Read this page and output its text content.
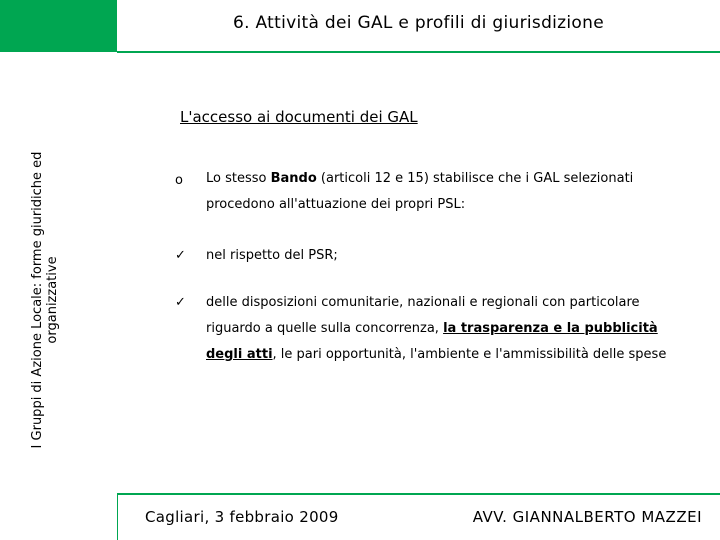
6. Attività dei GAL e profili di giurisdizione
I Gruppi di Azione Locale: forme giuridiche ed organizzative
L'accesso ai documenti dei GAL
o Lo stesso Bando (articoli 12 e 15) stabilisce che i GAL selezionati procedono all'attuazione dei propri PSL:
✓ nel rispetto del PSR;
✓ delle disposizioni comunitarie, nazionali e regionali con particolare riguardo a quelle sulla concorrenza, la trasparenza e la pubblicità degli atti, le pari opportunità, l'ambiente e l'ammissibilità delle spese
Cagliari, 3 febbraio 2009	AVV. GIANNALBERTO MAZZEI
